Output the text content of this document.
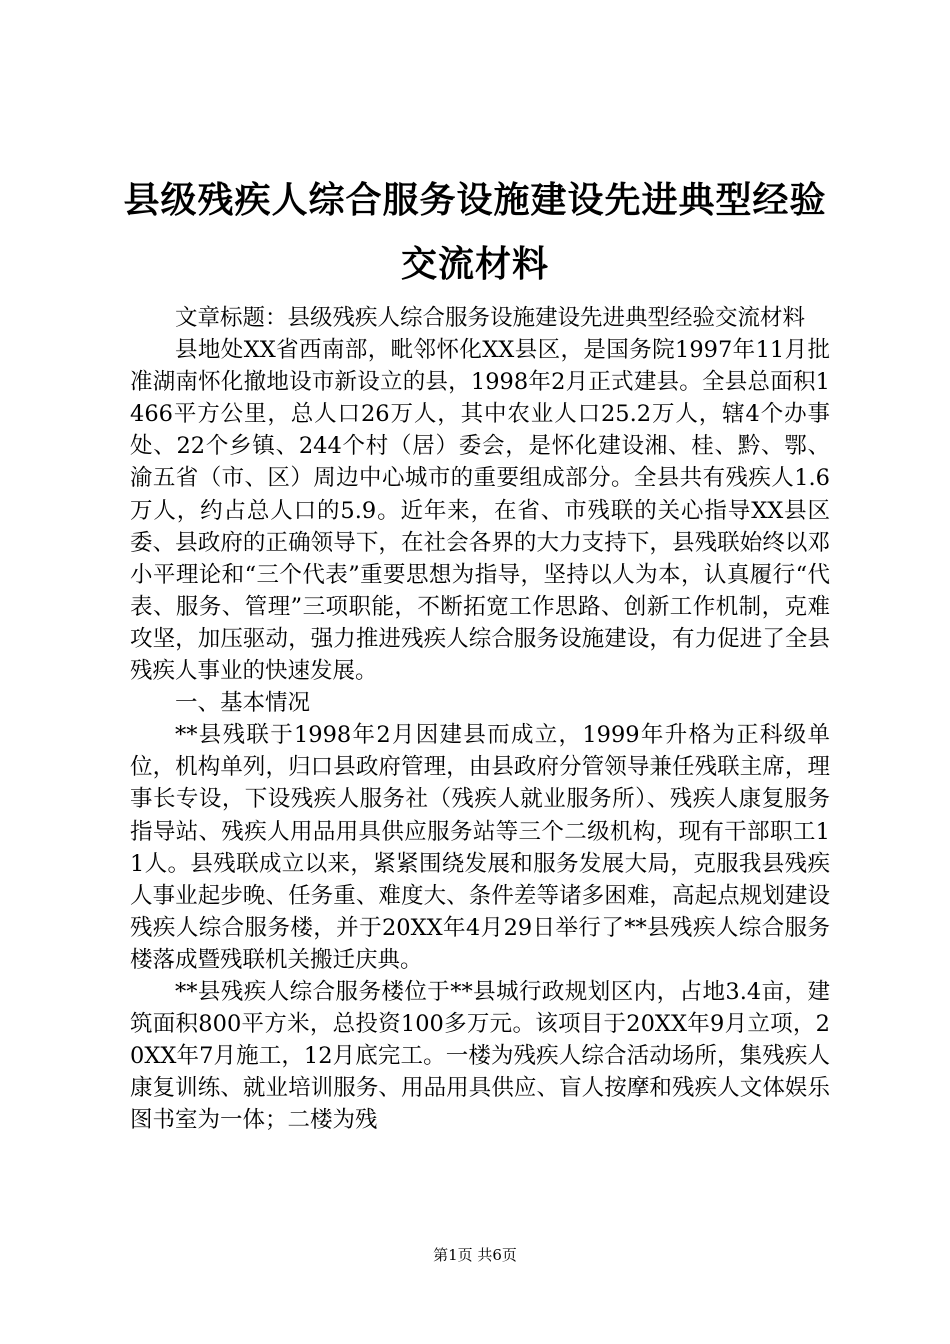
县级残疾人综合服务设施建设先进典型经验交流材料

文章标题：县级残疾人综合服务设施建设先进典型经验交流材料

县地处XX省西南部，毗邻怀化XX县区，是国务院1997年11月批准湖南怀化撤地设市新设立的县，1998年2月正式建县。全县总面积1466平方公里，总人口26万人，其中农业人口25.2万人，辖4个办事处、22个乡镇、244个村（居）委会，是怀化建设湘、桂、黔、鄂、渝五省（市、区）周边中心城市的重要组成部分。全县共有残疾人1.6万人，约占总人口的5.9。近年来，在省、市残联的关心指导XX县区委、县政府的正确领导下，在社会各界的大力支持下，县残联始终以邓小平理论和“三个代表”重要思想为指导，坚持以人为本，认真履行“代表、服务、管理”三项职能，不断拓宽工作思路、创新工作机制，克难攻坚，加压驱动，强力推进残疾人综合服务设施建设，有力促进了全县残疾人事业的快速发展。

一、基本情况

**县残联于1998年2月因建县而成立，1999年升格为正科级单位，机构单列，归口县政府管理，由县政府分管领导兼任残联主席，理事长专设，下设残疾人服务社（残疾人就业服务所）、残疾人康复服务指导站、残疾人用品用具供应服务站等三个二级机构，现有干部职工11人。县残联成立以来，紧紧围绕发展和服务发展大局，克服我县残疾人事业起步晚、任务重、难度大、条件差等诸多困难，高起点规划建设残疾人综合服务楼，并于20XX年4月29日举行了**县残疾人综合服务楼落成暨残联机关搬迁庆典。

**县残疾人综合服务楼位于**县城行政规划区内，占地3.4亩，建筑面积800平方米，总投资100多万元。该项目于20XX年9月立项，20XX年7月施工，12月底完工。一楼为残疾人综合活动场所，集残疾人康复训练、就业培训服务、用品用具供应、盲人按摩和残疾人文体娱乐图书室为一体；二楼为残

第1页 共6页
